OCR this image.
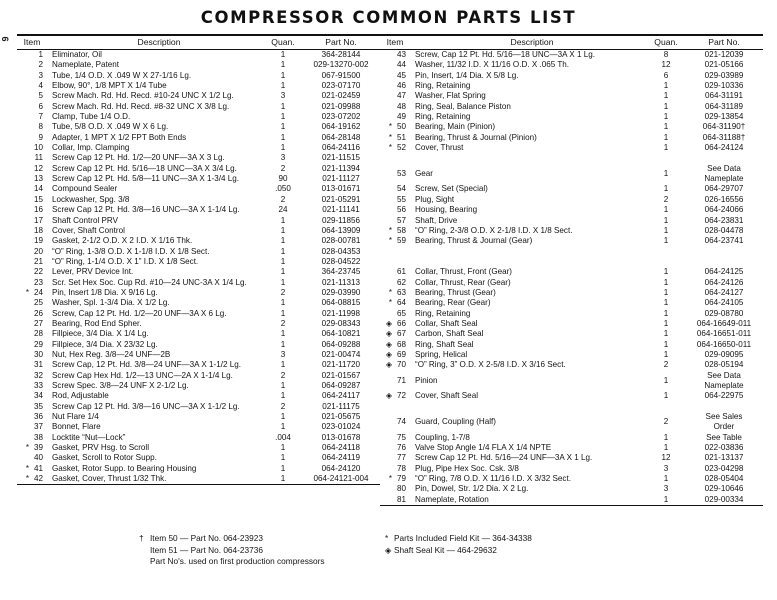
9
COMPRESSOR COMMON PARTS LIST
Item	Description	Quan.	Part No.
1	Eliminator, Oil	1	364-28144
2	Nameplate, Patent	1	029-13270-002
3	Tube, 1/4 O.D. X .049 W X 27-1/16 Lg.	1	067-91500
4	Elbow, 90°, 1/8 MPT X 1/4 Tube	1	023-07170
5	Screw Mach. Rd. Hd. Recd. #10-24 UNC X 1/2 Lg.	3	021-02459
6	Screw Mach. Rd. Hd. Recd. #8-32 UNC X 3/8 Lg.	1	021-09988
7	Clamp, Tube 1/4 O.D.	1	023-07202
8	Tube, 5/8 O.D. X .049 W X 6 Lg.	1	064-19162
9	Adapter, 1 MPT X 1/2 FPT Both Ends	1	064-28148
10	Collar, Imp. Clamping	1	064-24116
11	Screw Cap 12 Pt. Hd. 1/2—20 UNF—3A X 3 Lg.	3	021-11515
12	Screw Cap 12 Pt. Hd. 5/16—18 UNC—3A X 3/4 Lg.	2	021-11394
13	Screw Cap 12 Pt. Hd. 5/8—11 UNC—3A X 1-3/4 Lg.	90	021-11127
14	Compound Sealer	.050	013-01671
15	Lockwasher, Spg. 3/8	2	021-05291
16	Screw Cap 12 Pt. Hd. 3/8—16 UNC—3A X 1-1/4 Lg.	24	021-11141
17	Shaft Control PRV	1	029-11856
18	Cover, Shaft Control	1	064-13909
19	Gasket, 2-1/2 O.D. X 2 I.D. X 1/16 Thk.	1	028-00781
20	“O” Ring, 1-3/8 O.D. X 1-1/8 I.D. X 1/8 Sect.	1	028-04353
21	“O” Ring, 1-1/4 O.D. X 1” I.D. X 1/8 Sect.	1	028-04522
22	Lever, PRV Device Int.	1	364-23745
23	Scr. Set Hex Soc. Cup Rd. #10—24 UNC-3A X 1/4 Lg.	1	021-11313
* 24	Pin, Insert 1/8 Dia. X 9/16 Lg.	2	029-03990
25	Washer, Spl. 1-3/4 Dia. X 1/2 Lg.	1	064-08815
26	Screw, Cap 12 Pt. Hd. 1/2—20 UNF—3A X 6 Lg.	1	021-11998
27	Bearing, Rod End Spher.	2	029-08343
28	Fillpiece, 3/4 Dia. X 1/4 Lg.	1	064-10821
29	Fillpiece, 3/4 Dia. X 23/32 Lg.	1	064-09288
30	Nut, Hex Reg. 3/8—24 UNF—2B	3	021-00474
31	Screw Cap, 12 Pt. Hd. 3/8—24 UNF—3A X 1-1/2 Lg.	1	021-11720
32	Screw Cap Hex Hd. 1/2—13 UNC—2A X 1-1/4 Lg.	2	021-01567
33	Screw Spec. 3/8—24 UNF X 2-1/2 Lg.	1	064-09287
34	Rod, Adjustable	1	064-24117
35	Screw Cap 12 Pt. Hd. 3/8—16 UNC—3A X 1-1/2 Lg.	2	021-11175
36	Nut Flare 1/4	1	021-05675
37	Bonnet, Flare	1	023-01024
38	Locktite “Nut—Lock”	.004	013-01678
* 39	Gasket, PRV Hsg. to Scroll	1	064-24118
40	Gasket, Scroll to Rotor Supp.	1	064-24119
* 41	Gasket, Rotor Supp. to Bearing Housing	1	064-24120
* 42	Gasket, Cover, Thrust 1/32 Thk.	1	064-24121-004
Item	Description	Quan.	Part No.
43	Screw, Cap 12 Pt. Hd. 5/16—18 UNC—3A X 1 Lg.	8	021-12039
44	Washer, 11/32 I.D. X 11/16 O.D. X .065 Th.	12	021-05166
45	Pin, Insert, 1/4 Dia. X 5/8 Lg.	6	029-03989
46	Ring, Retaining	1	029-10336
47	Washer, Flat Spring	1	064-31191
48	Ring, Seal, Balance Piston	1	064-31189
49	Ring, Retaining	1	029-13854
* 50	Bearing, Main (Pinion)	1	064-31190†
* 51	Bearing, Thrust & Journal (Pinion)	1	064-31188†
* 52	Cover, Thrust	1	064-24124

53	Gear	1	See Data
Nameplate

54	Screw, Set (Special)	1	064-29707
55	Plug, Sight	2	026-16556
56	Housing, Bearing	1	064-24066
57	Shaft, Drive	1	064-23831
* 58	“O” Ring, 2-3/8 O.D. X 2-1/8 I.D. X 1/8 Sect.	1	028-04478
* 59	Bearing, Thrust & Journal (Gear)	1	064-23741

61	Collar, Thrust, Front (Gear)	1	064-24125
62	Collar, Thrust, Rear (Gear)	1	064-24126
* 63	Bearing, Thrust (Gear)	1	064-24127
* 64	Bearing, Rear (Gear)	1	064-24105
65	Ring, Retaining	1	029-08780
◈ 66	Collar, Shaft Seal	1	064-16649-011
◈ 67	Carbon, Shaft Seal	1	064-16651-011
◈ 68	Ring, Shaft Seal	1	064-16650-011
◈ 69	Spring, Helical	1	029-09095
◈ 70	“O” Ring, 3” O.D. X 2-5/8 I.D. X 3/16 Sect.	2	028-05194
71	Pinion	1	See Data
Nameplate

◈ 72	Cover, Shaft Seal	1	064-22975

74	Guard, Coupling (Half)	2	See Sales
Order

75	Coupling, 1-7/8	1	See Table
76	Valve Stop Angle 1/4 FLA X 1/4 NPTE	1	022-03836
77	Screw Cap 12 Pt. Hd. 5/16—24 UNF—3A X 1 Lg.	12	021-13137
78	Plug, Pipe Hex Soc. Csk. 3/8	3	023-04298
* 79	“O” Ring, 7/8 O.D. X 11/16 I.D. X 3/32 Sect.	1	028-05404
80	Pin, Dowel, Str. 1/2 Dia. X 2 Lg.	3	029-10646
81	Nameplate, Rotation	1	029-00334
† Item 50 — Part No. 064-23923
Item 51 — Part No. 064-23736
Part No's. used on first production compressors
* Parts Included Field Kit — 364-34338
◈ Shaft Seal Kit — 464-29632
